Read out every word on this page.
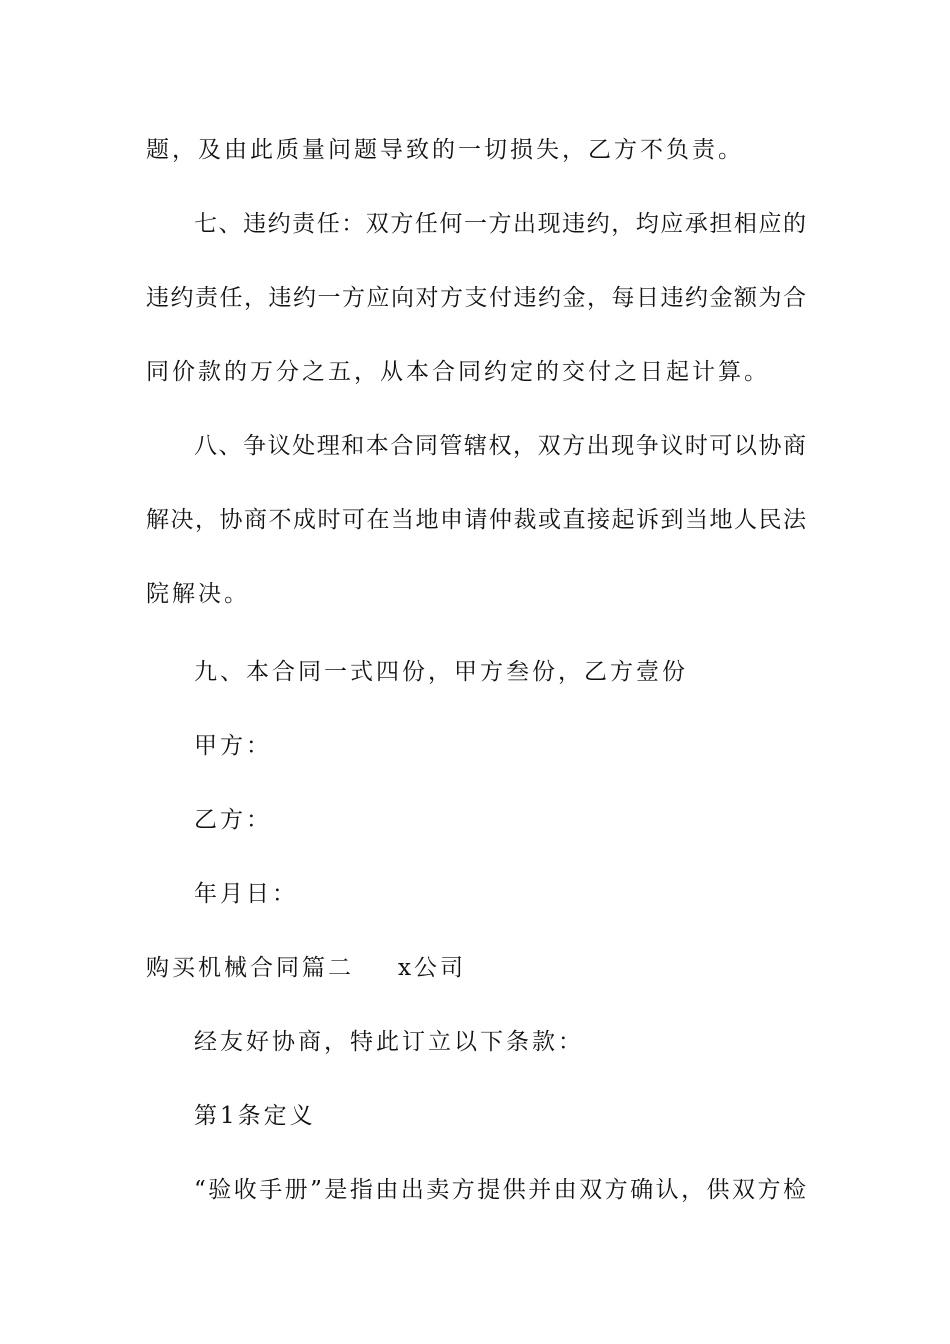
题，及由此质量问题导致的一切损失，乙方不负责。
七、违约责任：双方任何一方出现违约，均应承担相应的
违约责任，违约一方应向对方支付违约金，每日违约金额为合
同价款的万分之五，从本合同约定的交付之日起计算。
八、争议处理和本合同管辖权，双方出现争议时可以协商
解决，协商不成时可在当地申请仲裁或直接起诉到当地人民法
院解决。
九、本合同一式四份，甲方叁份，乙方壹份
甲方：
乙方：
年月日：
购买机械合同篇二 x公司
经友好协商，特此订立以下条款：
第1条定义
“验收手册”是指由出卖方提供并由双方确认，供双方检
